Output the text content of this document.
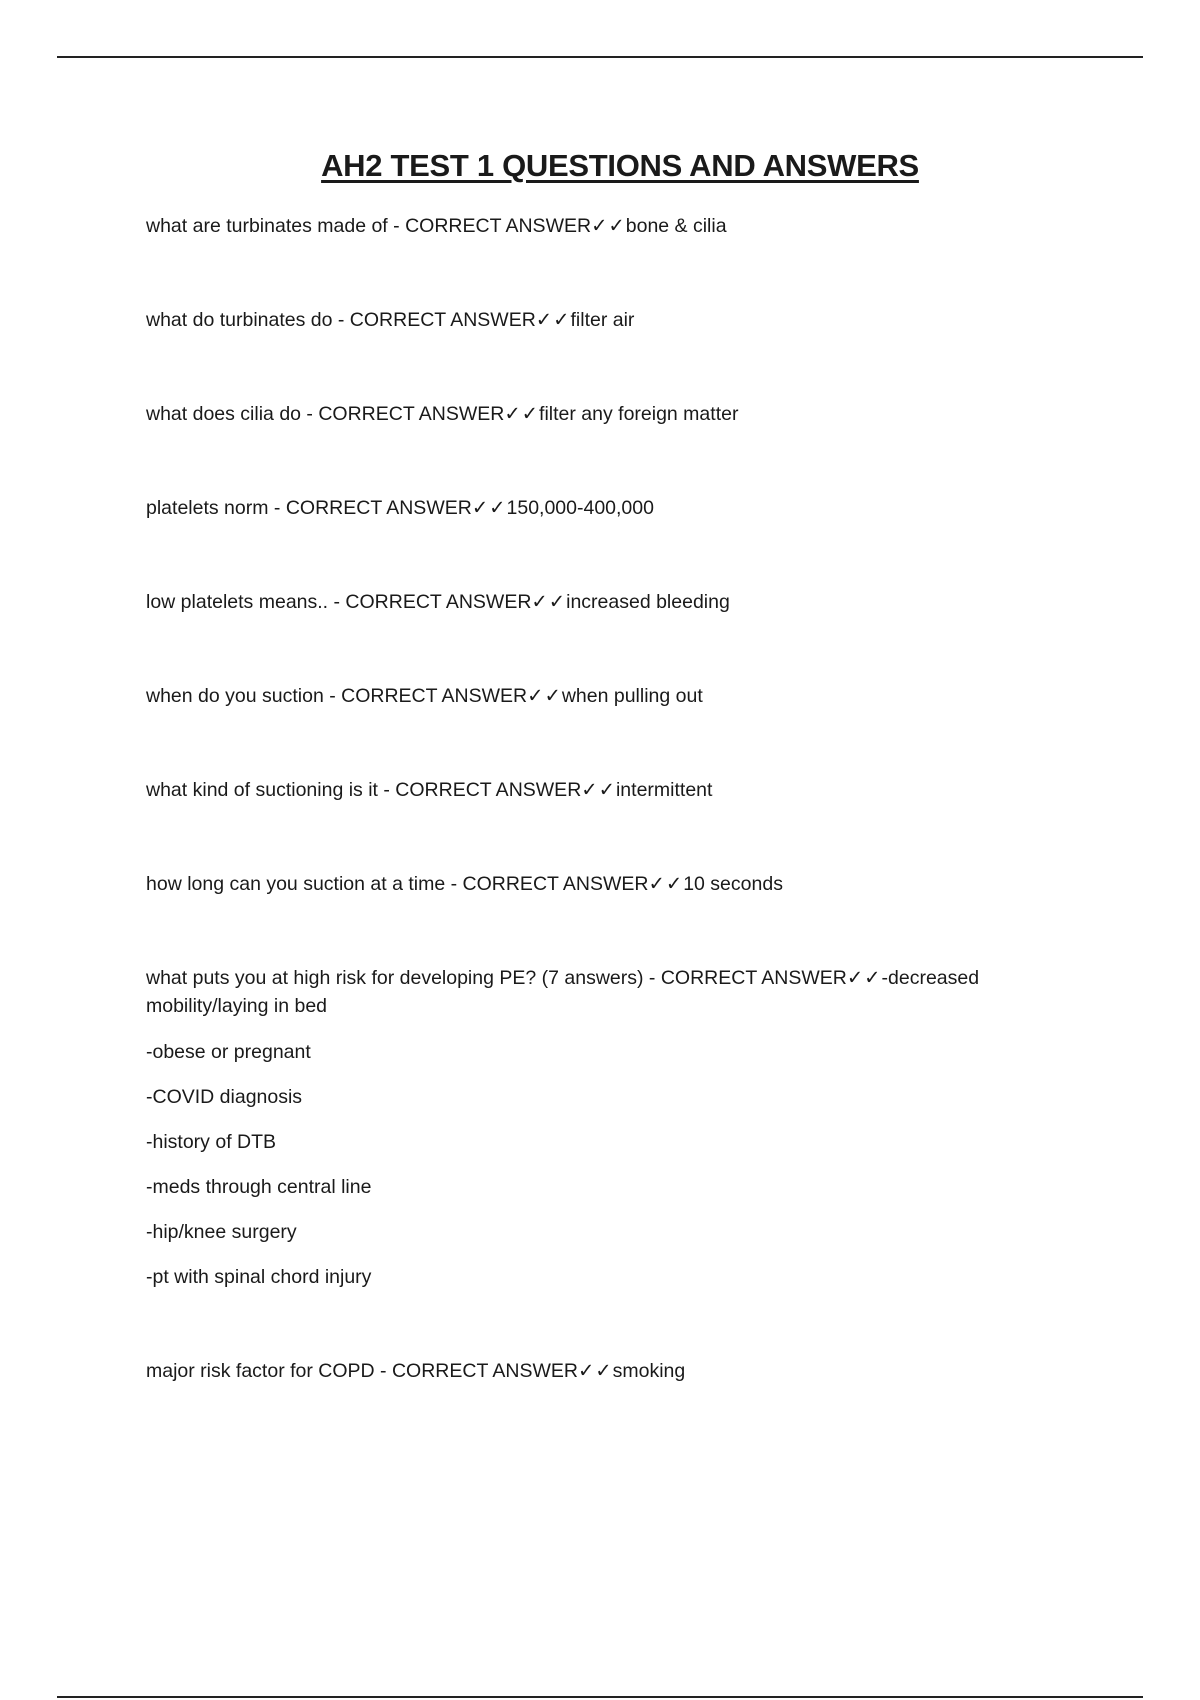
AH2 TEST 1 QUESTIONS AND ANSWERS

what are turbinates made of - CORRECT ANSWER✓✓bone & cilia

what do turbinates do - CORRECT ANSWER✓✓filter air

what does cilia do - CORRECT ANSWER✓✓filter any foreign matter

platelets norm - CORRECT ANSWER✓✓150,000-400,000

low platelets means.. - CORRECT ANSWER✓✓increased bleeding

when do you suction - CORRECT ANSWER✓✓when pulling out

what kind of suctioning is it - CORRECT ANSWER✓✓intermittent

how long can you suction at a time - CORRECT ANSWER✓✓10 seconds

what puts you at high risk for developing PE? (7 answers) - CORRECT ANSWER✓✓-decreased mobility/laying in bed

-obese or pregnant

-COVID diagnosis

-history of DTB

-meds through central line

-hip/knee surgery

-pt with spinal chord injury

major risk factor for COPD - CORRECT ANSWER✓✓smoking
